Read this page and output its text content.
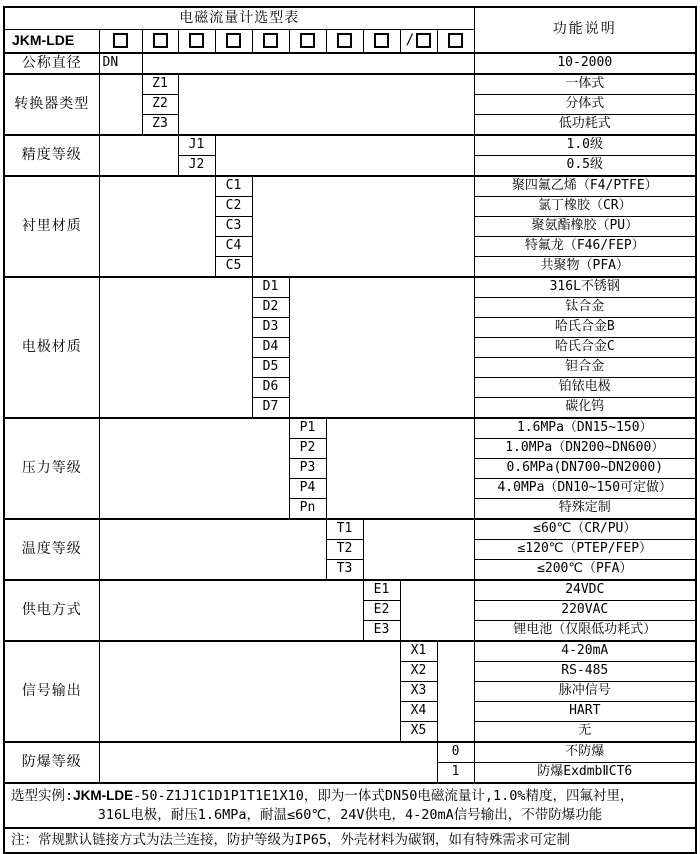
电磁流量计选型表											功能说明
JKM-LDE									/		
公称直径	DN										10-2000
转换器类型		Z1									一体式
		Z2									分体式
		Z3									低功耗式
精度等级			J1								1.0级
			J2								0.5级
衬里材质				C1							聚四氟乙烯（F4/PTFE）
				C2							氯丁橡胶（CR）
				C3							聚氨酯橡胶（PU）
				C4							特氟龙（F46/FEP）
				C5							共聚物（PFA）
电极材质					D1						316L不锈钢
					D2						钛合金
					D3						哈氏合金B
					D4						哈氏合金C
					D5						钽合金
					D6						铂铱电极
					D7						碳化钨
压力等级						P1					1.6MPa（DN15~150）
						P2					1.0MPa（DN200~DN600）
						P3					0.6MPa(DN700~DN2000)
						P4					4.0MPa（DN10~150可定做）
						Pn					特殊定制
温度等级							T1				≤60℃（CR/PU）
							T2				≤120℃（PTEP/FEP）
							T3				≤200℃（PFA）
供电方式								E1			24VDC
								E2			220VAC
								E3			锂电池（仅限低功耗式）
信号输出									X1		4-20mA
									X2		RS-485
									X3		脉冲信号
									X4		HART
									X5		无
防爆等级										0	不防爆
										1	防爆ExdmbⅡCT6

选型实例:JKM-LDE-50-Z1J1C1D1P1T1E1X10，即为一体式DN50电磁流量计,1.0%精度，四氟衬里，
316L电极，耐压1.6MPa，耐温≤60℃，24V供电，4-20mA信号输出，不带防爆功能											

注：常规默认链接方式为法兰连接，防护等级为IP65，外壳材料为碳钢，如有特殊需求可定制											
